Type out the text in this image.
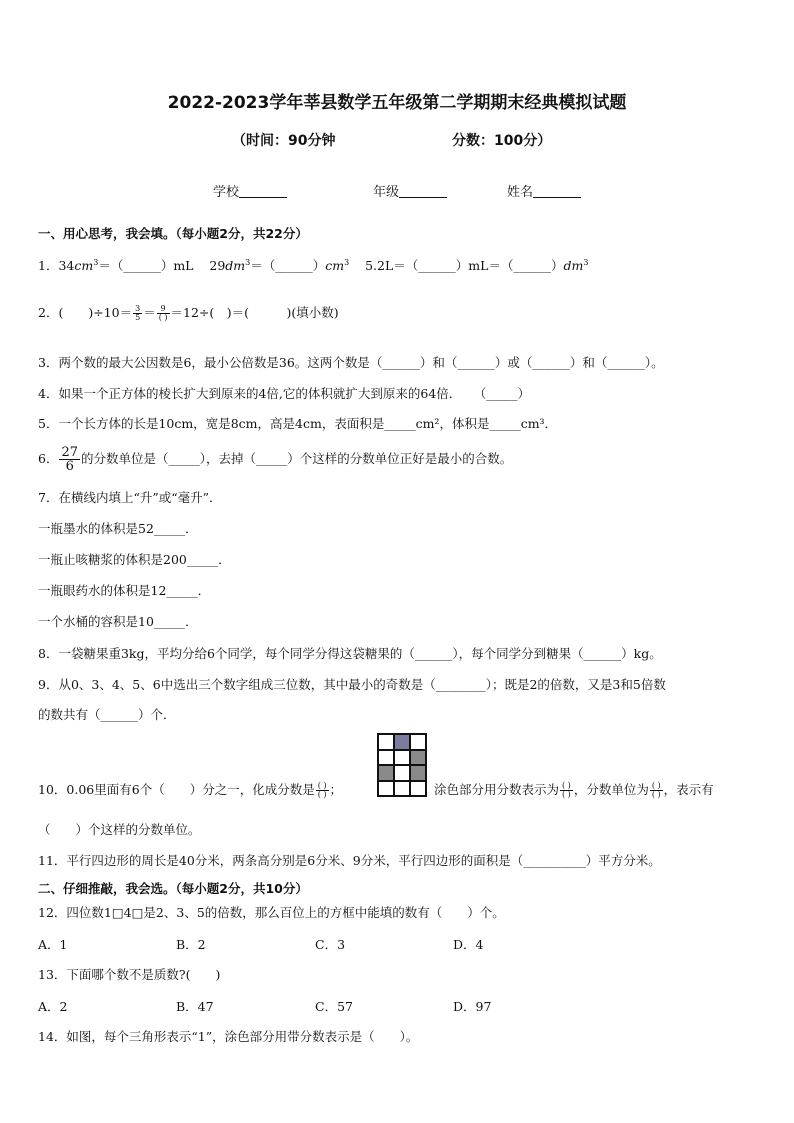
2022-2023学年莘县数学五年级第二学期期末经典模拟试题
（时间：90分钟	分数：100分）
学校	年级	姓名
一、用心思考，我会填。（每小题2分，共22分）
1．$34cm^3=(\_\_\_\_\_\_)mL$ $29dm^3=(\_\_\_\_\_\_)cm^3$ $5.2L=(\_\_\_\_\_\_)mL=(\_\_\_\_\_\_)dm^3$
2．(　　)$\div 10= \frac{3}{5} = \frac{9}{( )} =12\div$(　)＝(　　　)(填小数)
3．两个数的最大公因数是6，最小公倍数是36。这两个数是（______）和（______）或（______）和（______）。
4．如果一个正方体的棱长扩大到原来的4倍,它的体积就扩大到原来的64倍．　　（_____）
5．一个长方体的长是10cm，宽是8cm，高是4cm，表面积是_____cm²，体积是_____cm³．
6． $\frac{27}{6}$ 的分数单位是（_____），去掉（_____）个这样的分数单位正好是最小的合数。
7．在横线内填上“升”或“毫升”．
一瓶墨水的体积是52_____．
一瓶止咳糖浆的体积是200_____．
一瓶眼药水的体积是12_____．
一个水桶的容积是10_____．
8．一袋糖果重3kg，平均分给6个同学，每个同学分得这袋糖果的（______），每个同学分到糖果（______）kg。
9．从0、3、4、5、6中选出三个数字组成三位数，其中最小的奇数是（________）；既是2的倍数，又是3和5倍数
的数共有（______）个．
10．0.06里面有6个（　　）分之一，化成分数是 $\frac{( )}{( )}$ ；	涂色部分用分数表示为 $\frac{( )}{( )}$ ，分数单位为 $\frac{( )}{( )}$ ，表示有
（　　）个这样的分数单位。
11．平行四边形的周长是40分米，两条高分别是6分米、9分米，平行四边形的面积是（__________）平方分米。
二、仔细推敲，我会选。（每小题2分，共10分）
12．四位数1□4□是2、3、5的倍数，那么百位上的方框中能填的数有（　　）个。
A．1	B．2	C．3	D．4
13．下面哪个数不是质数?(　　)
A．2	B．47	C．57	D．97
14．如图，每个三角形表示“1”，涂色部分用带分数表示是（　　）。
